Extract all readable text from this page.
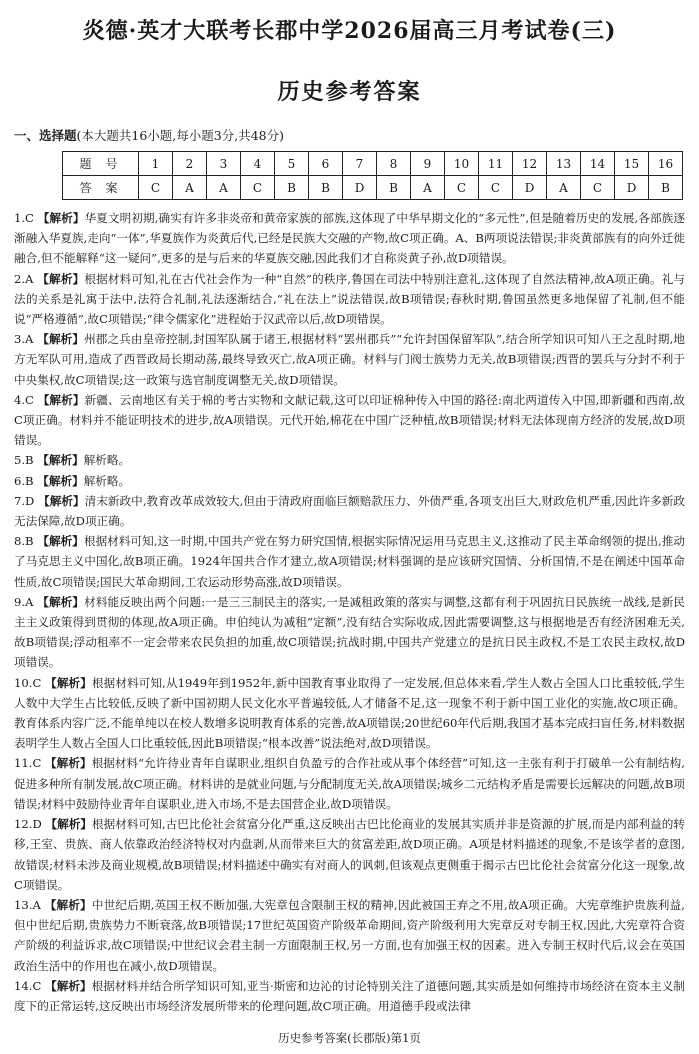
炎德·英才大联考长郡中学2026届高三月考试卷(三)
历史参考答案
一、选择题(本大题共16小题,每小题3分,共48分)
题号	1	2	3	4	5	6	7	8	9	10	11	12	13	14	15	16
答案	C	A	A	C	B	B	D	B	A	C	C	D	A	C	D	B
1.C 【解析】华夏文明初期,确实有许多非炎帝和黄帝家族的部族,这体现了中华早期文化的“多元性”,但是随着历史的发展,各部族逐渐融入华夏族,走向“一体”,华夏族作为炎黄后代,已经是民族大交融的产物,故C项正确。A、B两项说法错误;非炎黄部族有的向外迁徙融合,但不能解释“这一疑问”,更多的是与后来的华夏族交融,因此我们才自称炎黄子孙,故D项错误。
2.A 【解析】根据材料可知,礼在古代社会作为一种“自然”的秩序,鲁国在司法中特别注意礼,这体现了自然法精神,故A项正确。礼与法的关系是礼寓于法中,法符合礼制,礼法逐渐结合,“礼在法上”说法错误,故B项错误;春秋时期,鲁国虽然更多地保留了礼制,但不能说“严格遵循”,故C项错误;“律令儒家化”进程始于汉武帝以后,故D项错误。
3.A 【解析】州郡之兵由皇帝控制,封国军队属于诸王,根据材料“罢州郡兵”“允许封国保留军队”,结合所学知识可知八王之乱时期,地方无军队可用,造成了西晋政局长期动荡,最终导致灭亡,故A项正确。材料与门阀士族势力无关,故B项错误;西晋的罢兵与分封不利于中央集权,故C项错误;这一政策与选官制度调整无关,故D项错误。
4.C 【解析】新疆、云南地区有关于棉的考古实物和文献记载,这可以印证棉种传入中国的路径:南北两道传入中国,即新疆和西南,故C项正确。材料并不能证明技术的进步,故A项错误。元代开始,棉花在中国广泛种植,故B项错误;材料无法体现南方经济的发展,故D项错误。
5.B 【解析】解析略。
6.B 【解析】解析略。
7.D 【解析】清末新政中,教育改革成效较大,但由于清政府面临巨额赔款压力、外债严重,各项支出巨大,财政危机严重,因此许多新政无法保障,故D项正确。
8.B 【解析】根据材料可知,这一时期,中国共产党在努力研究国情,根据实际情况运用马克思主义,这推动了民主革命纲领的提出,推动了马克思主义中国化,故B项正确。1924年国共合作才建立,故A项错误;材料强调的是应该研究国情、分析国情,不是在阐述中国革命性质,故C项错误;国民大革命期间,工农运动形势高涨,故D项错误。
9.A 【解析】材料能反映出两个问题:一是三三制民主的落实,一是减租政策的落实与调整,这都有利于巩固抗日民族统一战线,是新民主主义政策得到贯彻的体现,故A项正确。申伯纯认为减租“定额”,没有结合实际收成,因此需要调整,这与根据地是否有经济困难无关,故B项错误;浮动租率不一定会带来农民负担的加重,故C项错误;抗战时期,中国共产党建立的是抗日民主政权,不是工农民主政权,故D项错误。
10.C 【解析】根据材料可知,从1949年到1952年,新中国教育事业取得了一定发展,但总体来看,学生人数占全国人口比重较低,学生人数中大学生占比较低,反映了新中国初期人民文化水平普遍较低,人才储备不足,这一现象不利于新中国工业化的实施,故C项正确。教育体系内容广泛,不能单纯以在校人数增多说明教育体系的完善,故A项错误;20世纪60年代后期,我国才基本完成扫盲任务,材料数据表明学生人数占全国人口比重较低,因此B项错误;“根本改善”说法绝对,故D项错误。
11.C 【解析】根据材料“允许待业青年自谋职业,组织自负盈亏的合作社或从事个体经营”可知,这一主张有利于打破单一公有制结构,促进多种所有制发展,故C项正确。材料讲的是就业问题,与分配制度无关,故A项错误;城乡二元结构矛盾是需要长远解决的问题,故B项错误;材料中鼓励待业青年自谋职业,进入市场,不是去国营企业,故D项错误。
12.D 【解析】根据材料可知,古巴比伦社会贫富分化严重,这反映出古巴比伦商业的发展其实质并非是资源的扩展,而是内部利益的转移,王室、贵族、商人依靠政治经济特权对内盘剥,从而带来巨大的贫富差距,故D项正确。A项是材料描述的现象,不是该学者的意图,故错误;材料未涉及商业规模,故B项错误;材料描述中确实有对商人的讽刺,但该观点更侧重于揭示古巴比伦社会贫富分化这一现象,故C项错误。
13.A 【解析】中世纪后期,英国王权不断加强,大宪章包含限制王权的精神,因此被国王弃之不用,故A项正确。大宪章维护贵族利益,但中世纪后期,贵族势力不断衰落,故B项错误;17世纪英国资产阶级革命期间,资产阶级利用大宪章反对专制王权,因此,大宪章符合资产阶级的利益诉求,故C项错误;中世纪议会君主制一方面限制王权,另一方面,也有加强王权的因素。进入专制王权时代后,议会在英国政治生活中的作用也在减小,故D项错误。
14.C 【解析】根据材料并结合所学知识可知,亚当·斯密和边沁的讨论特别关注了道德问题,其实质是如何维持市场经济在资本主义制度下的正常运转,这反映出市场经济发展所带来的伦理问题,故C项正确。用道德手段或法律
历史参考答案(长郡版)第1页
